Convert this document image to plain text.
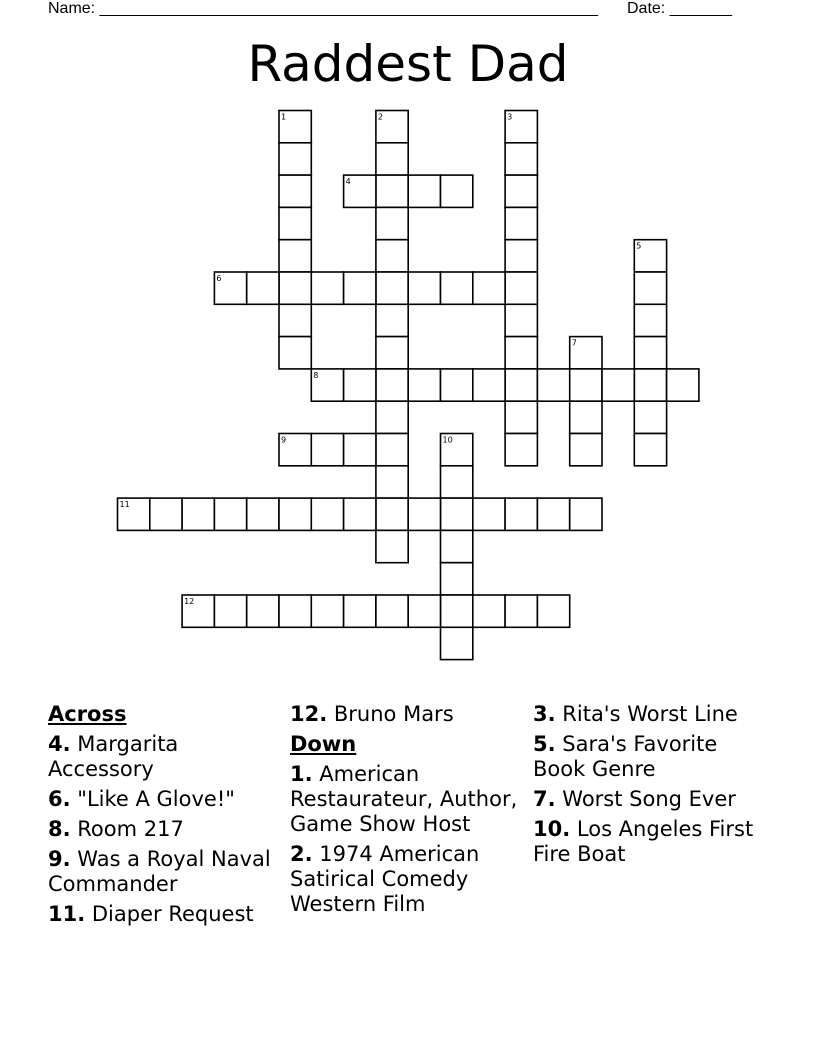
Name: ________________________________________________________ Date: _______
Raddest Dad
1	2	3
4
5
6
7
8
9	10
11
12
Across
4. Margarita Accessory
6. "Like A Glove!"
8. Room 217
9. Was a Royal Naval Commander
11. Diaper Request
12. Bruno Mars
Down
1. American Restaurateur, Author, Game Show Host
2. 1974 American Satirical Comedy Western Film
3. Rita's Worst Line
5. Sara's Favorite Book Genre
7. Worst Song Ever
10. Los Angeles First Fire Boat
